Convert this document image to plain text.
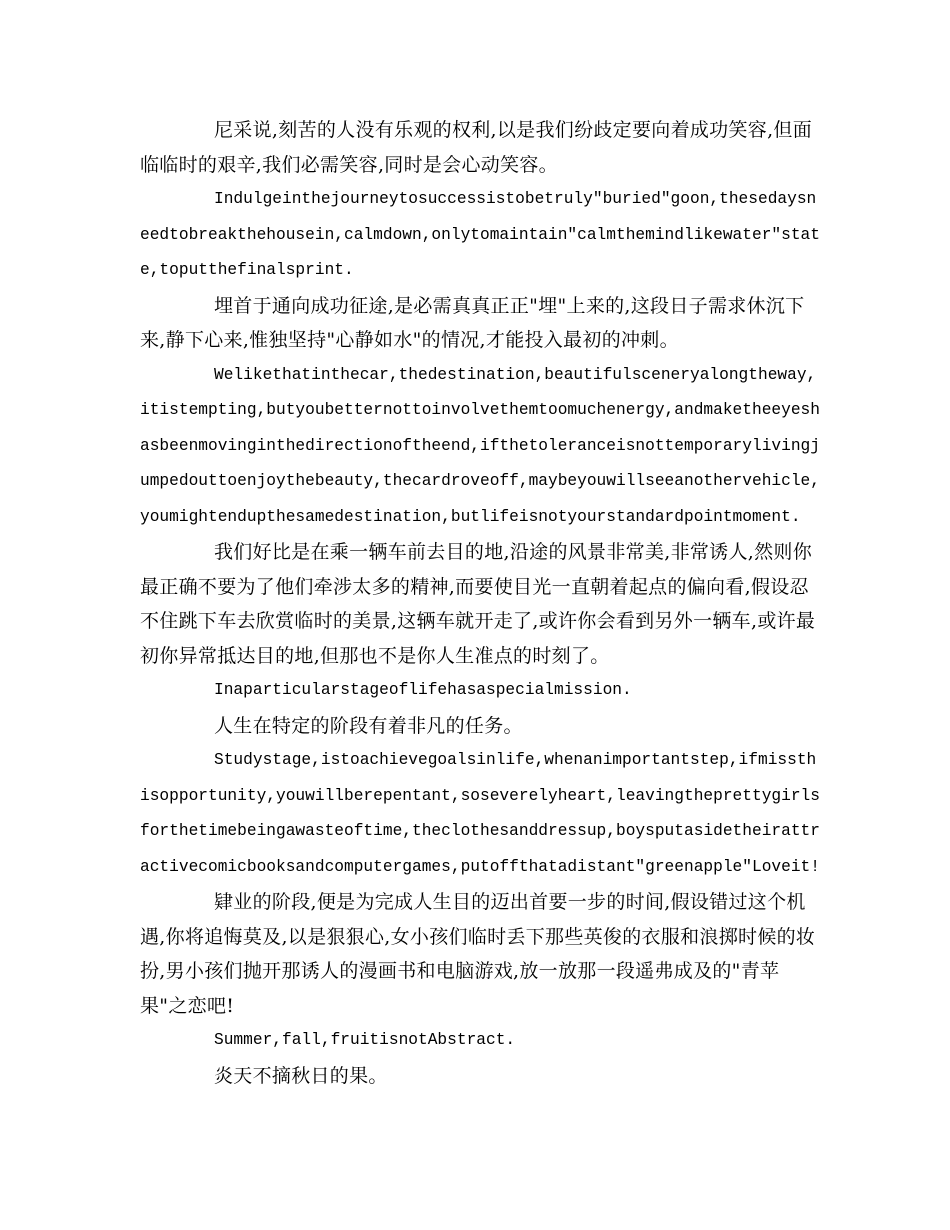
尼采说,刻苦的人没有乐观的权利,以是我们纷歧定要向着成功笑容,但面临临时的艰辛,我们必需笑容,同时是会心动笑容。

Indulgeinthejourneytosuccessistobetruly"buried"goon,thesedaysneedtobreakthehousein,calmdown,onlytomaintain"calmthemindlikewater"state,toputthefinalsprint.

埋首于通向成功征途,是必需真真正正"埋"上来的,这段日子需求休沉下来,静下心来,惟独坚持"心静如水"的情况,才能投入最初的冲刺。

Welikethatinthecar,thedestination,beautifulsceneryalongtheway,itistempting,butyoubetternottoinvolvethemtoomuchenergy,andmaketheeyeshasbeenmovinginthedirectionoftheend,ifthetoleranceisnottemporarylivingjumpedouttoenjoythebeauty,thecardroveoff,maybeyouwillseeanothervehicle,youmightendupthesamedestination,butlifeisnotyourstandardpointmoment.

我们好比是在乘一辆车前去目的地,沿途的风景非常美,非常诱人,然则你最正确不要为了他们牵涉太多的精神,而要使目光一直朝着起点的偏向看,假设忍不住跳下车去欣赏临时的美景,这辆车就开走了,或许你会看到另外一辆车,或许最初你异常抵达目的地,但那也不是你人生准点的时刻了。

Inaparticularstageoflifehasaspecialmission.

人生在特定的阶段有着非凡的任务。

Studystage,istoachievegoalsinlife,whenanimportantstep,ifmissthisopportunity,youwillberepentant,soseverelyheart,leavingtheprettygirlsforthetimebeingawasteoftime,theclothesanddressup,boysputasidetheirattractivecomicbooksandcomputergames,putoffthatadistant"greenapple"Loveit!

肄业的阶段,便是为完成人生目的迈出首要一步的时间,假设错过这个机遇,你将追悔莫及,以是狠狠心,女小孩们临时丢下那些英俊的衣服和浪掷时候的妆扮,男小孩们抛开那诱人的漫画书和电脑游戏,放一放那一段遥弗成及的"青苹果"之恋吧!

Summer,fall,fruitisnotAbstract.

炎天不摘秋日的果。
